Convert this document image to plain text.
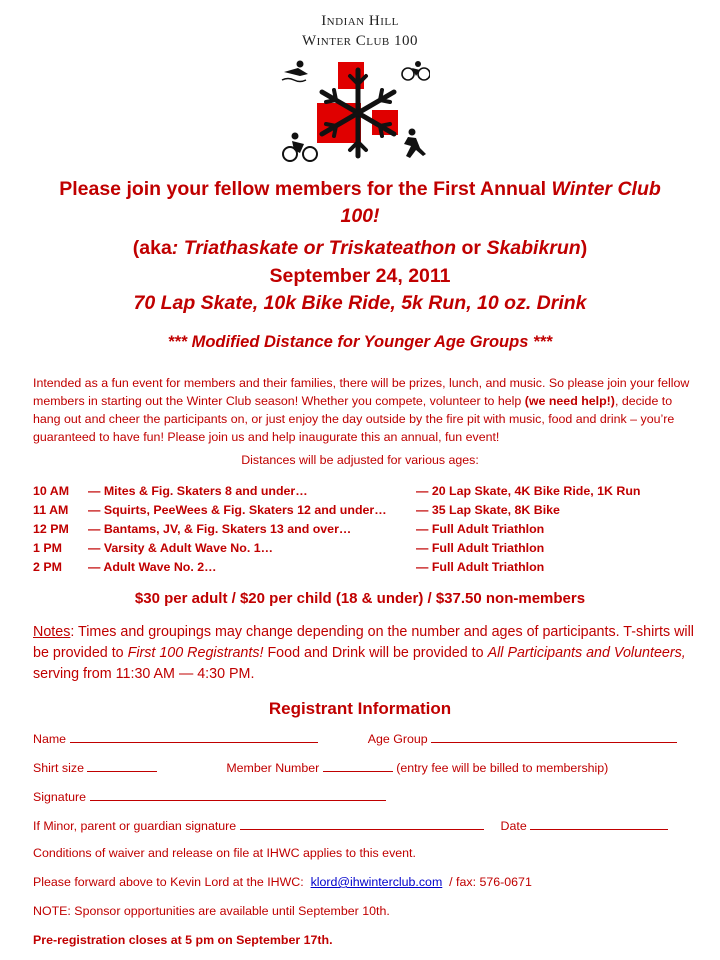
Indian Hill
Winter Club 100
Please join your fellow members for the First Annual Winter Club
100!
(aka: Triathaskate or Triskateathon or Skabikrun)
September 24, 2011
70 Lap Skate, 10k Bike Ride, 5k Run, 10 oz. Drink
*** Modified Distance for Younger Age Groups ***
Intended as a fun event for members and their families, there will be prizes, lunch, and music. So please join your fellow members in starting out the Winter Club season! Whether you compete, volunteer to help (we need help!), decide to hang out and cheer the participants on, or just enjoy the day outside by the fire pit with music, food and drink – you’re guaranteed to have fun! Please join us and help inaugurate this an annual, fun event!
Distances will be adjusted for various ages:
10 AM — Mites & Fig. Skaters 8 and under…	— 20 Lap Skate, 4K Bike Ride, 1K Run
11 AM — Squirts, PeeWees & Fig. Skaters 12 and under… — 35 Lap Skate, 8K Bike
12 PM — Bantams, JV, & Fig. Skaters 13 and over…	— Full Adult Triathlon
1 PM — Varsity & Adult Wave No. 1…	— Full Adult Triathlon
2 PM — Adult Wave No. 2…	— Full Adult Triathlon
$30 per adult / $20 per child (18 & under) / $37.50 non-members
Notes: Times and groupings may change depending on the number and ages of participants. T-shirts will be provided to First 100 Registrants! Food and Drink will be provided to All Participants and Volunteers, serving from 11:30 AM — 4:30 PM.
Registrant Information
Name	Age Group
Shirt size	Member Number	(entry fee will be billed to membership)
Signature
If Minor, parent or guardian signature	Date
Conditions of waiver and release on file at IHWC applies to this event.
Please forward above to Kevin Lord at the IHWC: klord@ihwinterclub.com / fax: 576-0671
NOTE: Sponsor opportunities are available until September 10th.
Pre-registration closes at 5 pm on September 17th.
